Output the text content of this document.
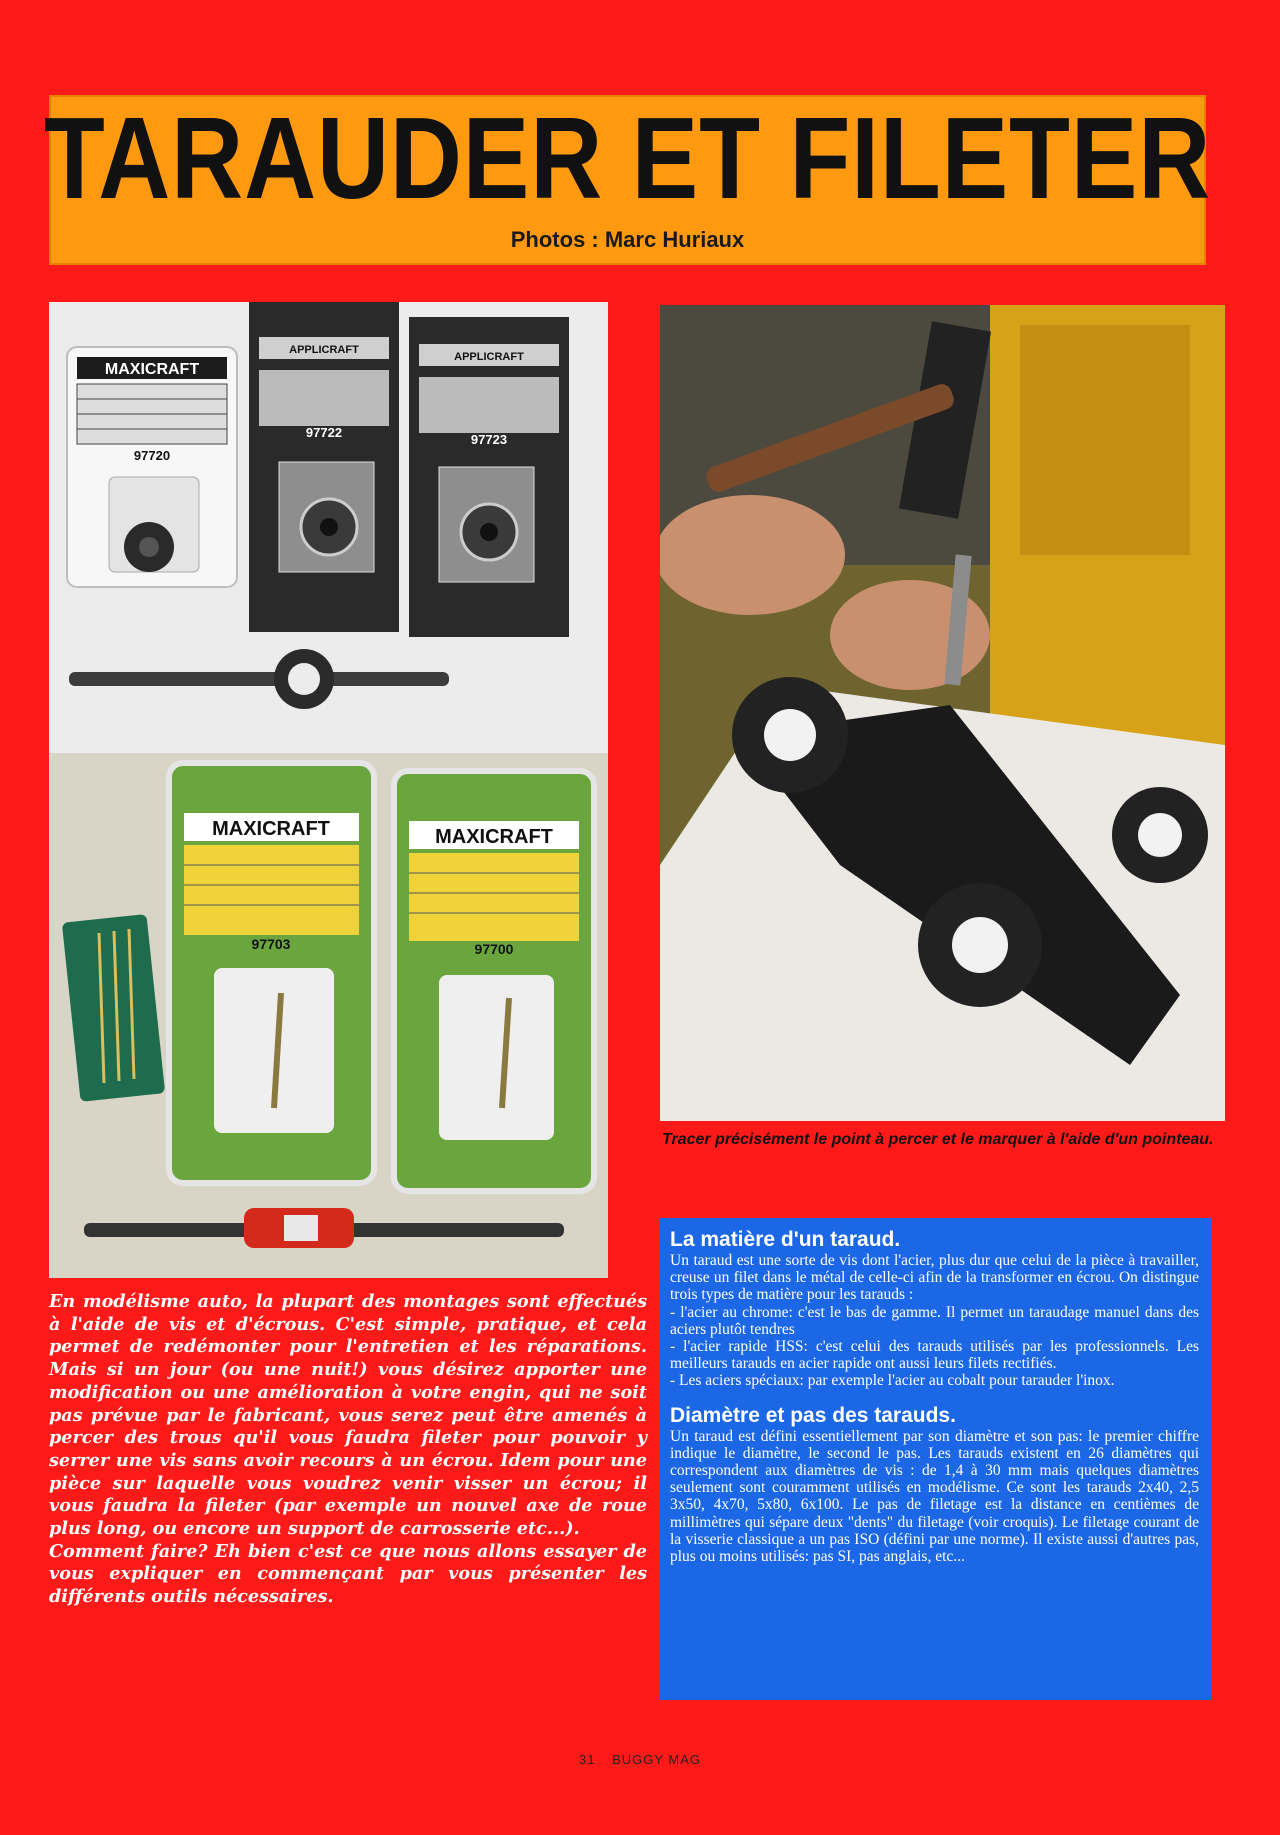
TARAUDER ET FILETER
Photos : Marc Huriaux
MAXICRAFT
97720
APPLICRAFT
97722
APPLICRAFT
97723
MAXICRAFT
97703
MAXICRAFT
97700
Tracer précisément le point à percer et le marquer à l'aide d'un pointeau.
En modélisme auto, la plupart des montages sont effectués à l'aide de vis et d'écrous. C'est simple, pratique, et cela permet de redémonter pour l'entretien et les réparations. Mais si un jour (ou une nuit!) vous désirez apporter une modification ou une amélioration à votre engin, qui ne soit pas prévue par le fabricant, vous serez peut être amenés à percer des trous qu'il vous faudra fileter pour pouvoir y serrer une vis sans avoir recours à un écrou. Idem pour une pièce sur laquelle vous voudrez venir visser un écrou; il vous faudra la fileter (par exemple un nouvel axe de roue plus long, ou encore un support de carrosserie etc...).
Comment faire? Eh bien c'est ce que nous allons essayer de vous expliquer en commençant par vous présenter les différents outils nécessaires.
La matière d'un taraud.

Un taraud est une sorte de vis dont l'acier, plus dur que celui de la pièce à travailler, creuse un filet dans le métal de celle-ci afin de la transformer en écrou. On distingue trois types de matière pour les tarauds :
- l'acier au chrome: c'est le bas de gamme. Il permet un taraudage manuel dans des aciers plutôt tendres
- l'acier rapide HSS: c'est celui des tarauds utilisés par les professionnels. Les meilleurs tarauds en acier rapide ont aussi leurs filets rectifiés.
- Les aciers spéciaux: par exemple l'acier au cobalt pour tarauder l'inox.

Diamètre et pas des tarauds.

Un taraud est défini essentiellement par son diamètre et son pas: le premier chiffre indique le diamètre, le second le pas. Les tarauds existent en 26 diamètres qui correspondent aux diamètres de vis : de 1,4 à 30 mm mais quelques diamètres seulement sont couramment utilisés en modélisme. Ce sont les tarauds 2x40, 2,5 3x50, 4x70, 5x80, 6x100. Le pas de filetage est la distance en centièmes de millimètres qui sépare deux "dents" du filetage (voir croquis). Le filetage courant de la visserie classique a un pas ISO (défini par une norme). Il existe aussi d'autres pas, plus ou moins utilisés: pas SI, pas anglais, etc...

31 BUGGY MAG
